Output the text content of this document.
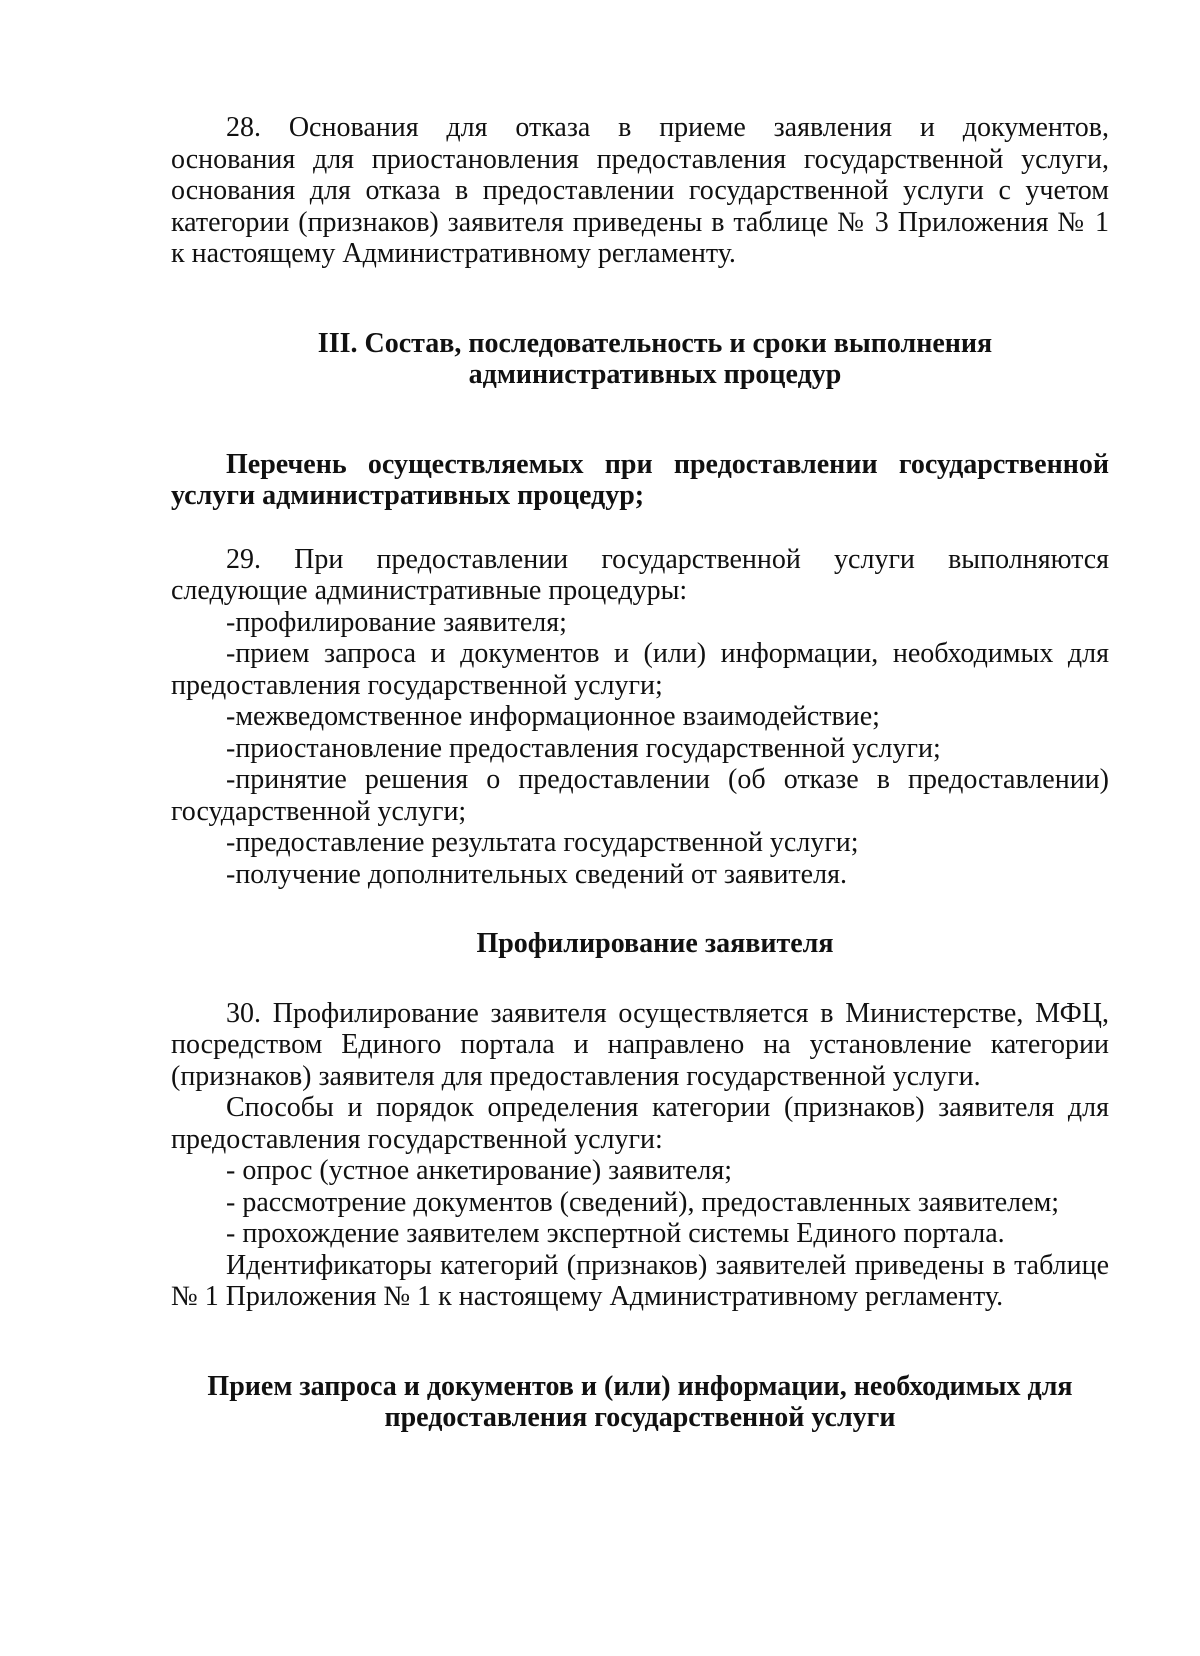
28. Основания для отказа в приеме заявления и документов,

основания для приостановления предоставления государственной услуги,

основания для отказа в предоставлении государственной услуги с учетом

категории (признаков) заявителя приведены в таблице № 3 Приложения № 1

к настоящему Административному регламенту.

III. Состав, последовательность и сроки выполнения

административных процедур

Перечень осуществляемых при предоставлении государственной

услуги административных процедур;

29. При предоставлении государственной услуги выполняются

следующие административные процедуры:

-профилирование заявителя;

-прием запроса и документов и (или) информации, необходимых для предоставления государственной услуги;

-межведомственное информационное взаимодействие;

-приостановление предоставления государственной услуги;

-принятие решения о предоставлении (об отказе в предоставлении) государственной услуги;

-предоставление результата государственной услуги;

-получение дополнительных сведений от заявителя.

Профилирование заявителя

30. Профилирование заявителя осуществляется в Министерстве, МФЦ, посредством Единого портала и направлено на установление категории (признаков) заявителя для предоставления государственной услуги.

Способы и порядок определения категории (признаков) заявителя для предоставления государственной услуги:

- опрос (устное анкетирование) заявителя;

- рассмотрение документов (сведений), предоставленных заявителем;

- прохождение заявителем экспертной системы Единого портала.

Идентификаторы категорий (признаков) заявителей приведены в таблице № 1 Приложения № 1 к настоящему Административному регламенту.

Прием запроса и документов и (или) информации, необходимых для

предоставления государственной услуги
